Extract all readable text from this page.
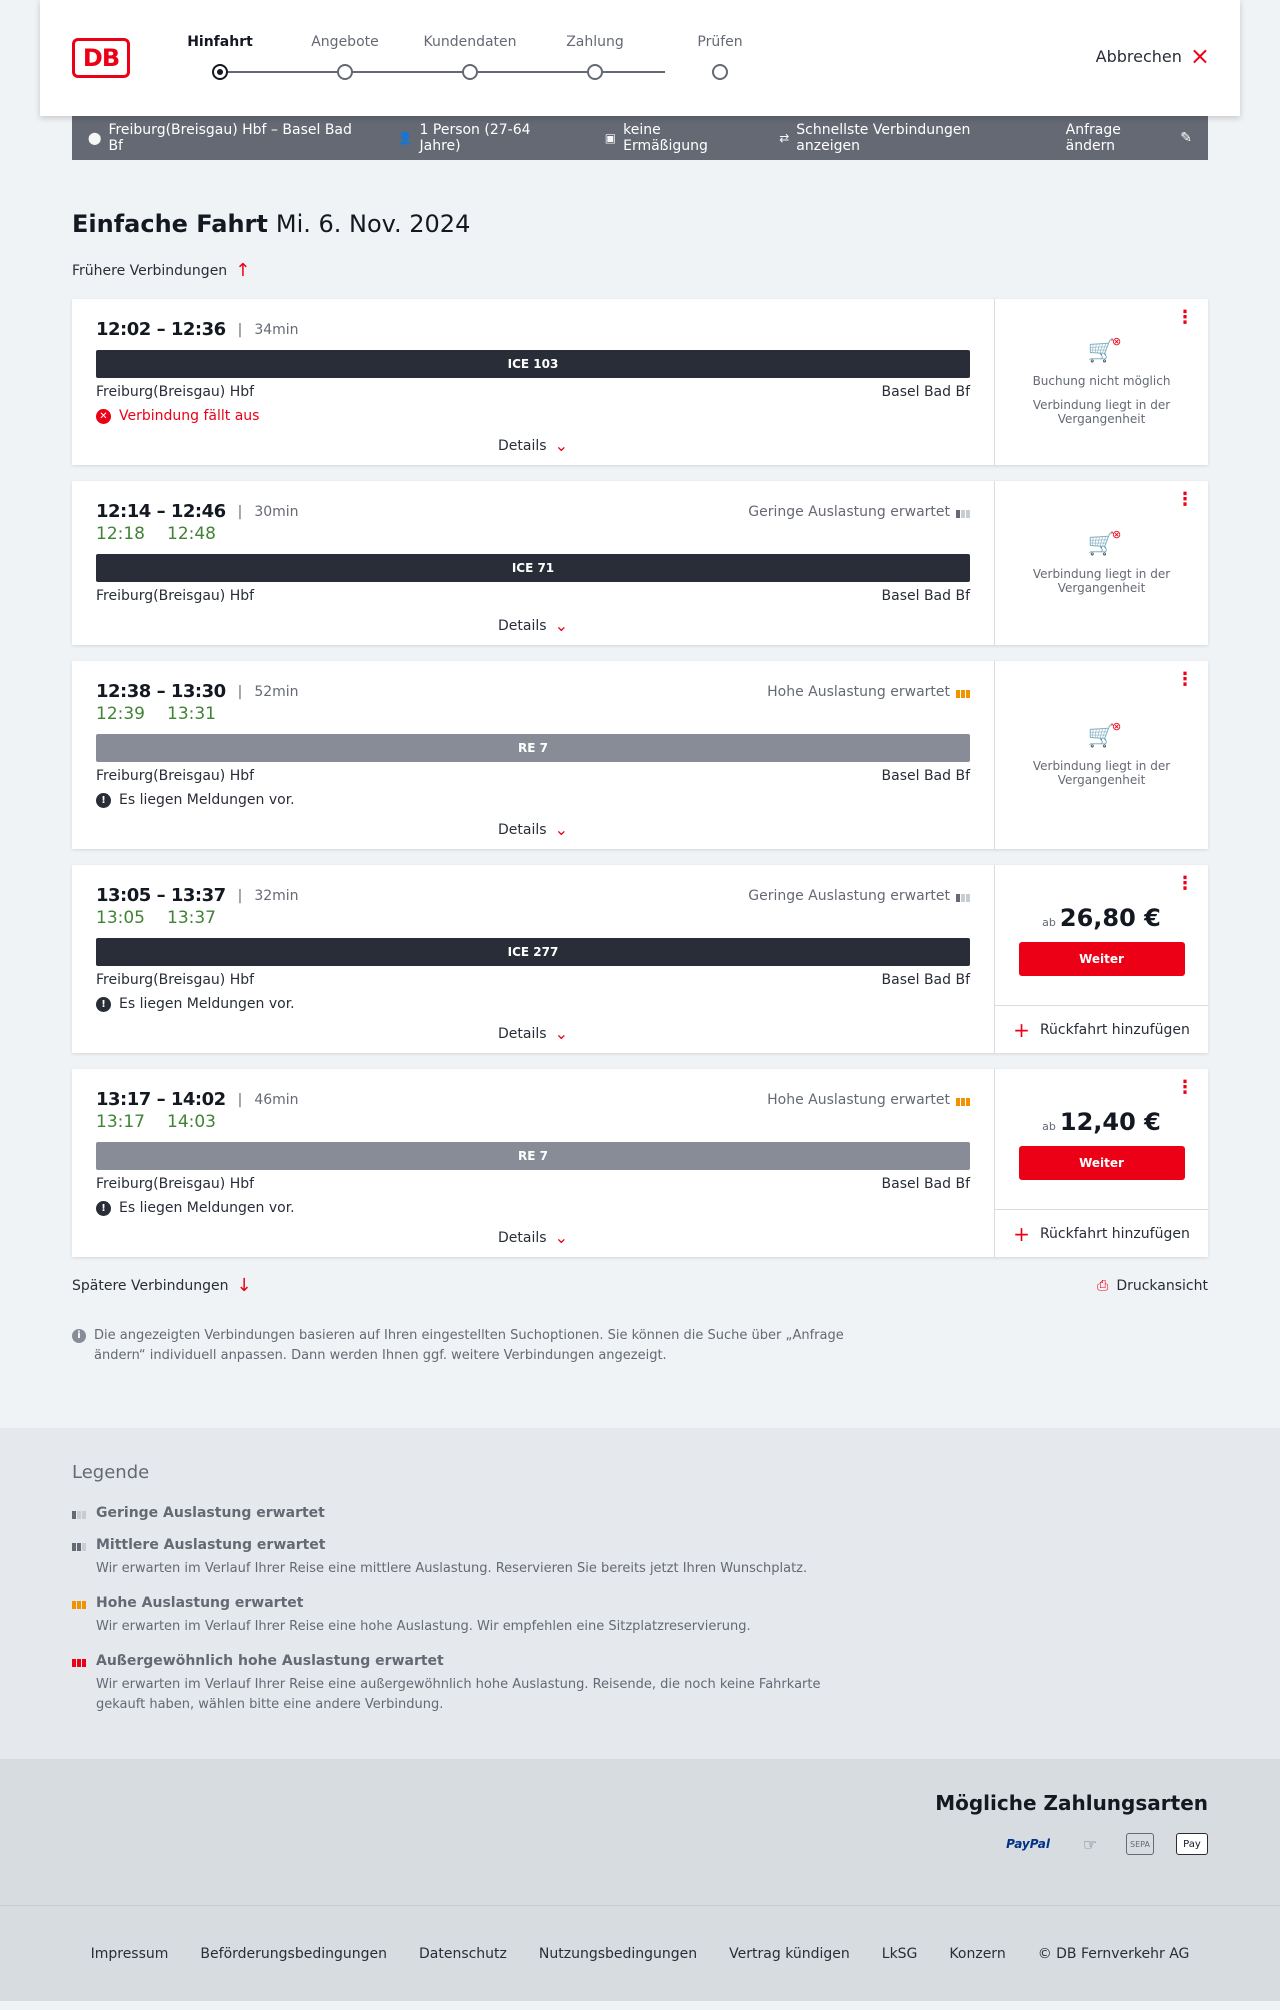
DB
Hinfahrt	Angebote	Kundendaten	Zahlung	Prüfen
Abbrechen ×
⬤ Freiburg(Breisgau) Hbf – Basel Bad Bf	👤 1 Person (27-64 Jahre)	▣ keine Ermäßigung	⇄ Schnellste Verbindungen anzeigen
Anfrage ändern	✎
Einfache Fahrt Mi. 6. Nov. 2024
Frühere Verbindungen ↑
12:02 – 12:36 | 34min
ICE 103
Freiburg(Breisgau) Hbf	Basel Bad Bf
✕ Verbindung fällt aus
Details ⌄
⋮
🛒
⊗
Buchung nicht möglich
Verbindung liegt in der Vergangenheit
12:14 – 12:46 | 30min	Geringe Auslastung erwartet
12:18 12:48
ICE 71
Freiburg(Breisgau) Hbf	Basel Bad Bf
Details ⌄
⋮
🛒
⊗
Verbindung liegt in der Vergangenheit
12:38 – 13:30 | 52min	Hohe Auslastung erwartet
12:39 13:31
RE 7
Freiburg(Breisgau) Hbf	Basel Bad Bf
! Es liegen Meldungen vor.
Details ⌄
⋮
🛒
⊗
Verbindung liegt in der Vergangenheit
13:05 – 13:37 | 32min	Geringe Auslastung erwartet
13:05 13:37
ICE 277
Freiburg(Breisgau) Hbf	Basel Bad Bf
! Es liegen Meldungen vor.
Details ⌄
⋮
ab 26,80 €
Weiter
+ Rückfahrt hinzufügen
13:17 – 14:02 | 46min	Hohe Auslastung erwartet
13:17 14:03
RE 7
Freiburg(Breisgau) Hbf	Basel Bad Bf
! Es liegen Meldungen vor.
Details ⌄
⋮
ab 12,40 €
Weiter
+ Rückfahrt hinzufügen
Spätere Verbindungen ↓	⎙ Druckansicht
i	Die angezeigten Verbindungen basieren auf Ihren eingestellten Suchoptionen. Sie können die Suche über „Anfrage ändern“ individuell anpassen. Dann werden Ihnen ggf. weitere Verbindungen angezeigt.
Legende
Geringe Auslastung erwartet
Mittlere Auslastung erwartet
Wir erwarten im Verlauf Ihrer Reise eine mittlere Auslastung. Reservieren Sie bereits jetzt Ihren Wunschplatz.
Hohe Auslastung erwartet
Wir erwarten im Verlauf Ihrer Reise eine hohe Auslastung. Wir empfehlen eine Sitzplatzreservierung.
Außergewöhnlich hohe Auslastung erwartet
Wir erwarten im Verlauf Ihrer Reise eine außergewöhnlich hohe Auslastung. Reisende, die noch keine Fahrkarte gekauft haben, wählen bitte eine andere Verbindung.
Mögliche Zahlungsarten
PayPal	☞	SEPA	Pay
Impressum Beförderungsbedingungen Datenschutz Nutzungsbedingungen Vertrag kündigen LkSG Konzern © DB Fernverkehr AG
